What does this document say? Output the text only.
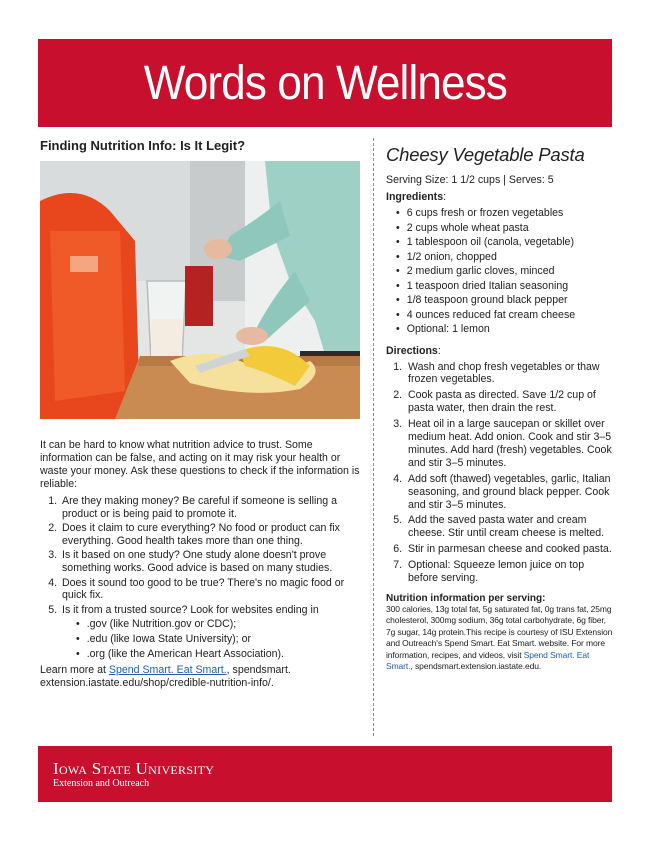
Words on Wellness
Finding Nutrition Info: Is It Legit?
It can be hard to know what nutrition advice to trust. Some information can be false, and acting on it may risk your health or waste your money. Ask these questions to check if the information is reliable:
1. Are they making money? Be careful if someone is selling a product or is being paid to promote it.
2. Does it claim to cure everything? No food or product can fix everything. Good health takes more than one thing.
3. Is it based on one study? One study alone doesn't prove something works. Good advice is based on many studies.
4. Does it sound too good to be true? There's no magic food or quick fix.
5. Is it from a trusted source? Look for websites ending in
• .gov (like Nutrition.gov or CDC);
• .edu (like Iowa State University); or
• .org (like the American Heart Association).
Learn more at Spend Smart. Eat Smart., spendsmart. extension.iastate.edu/shop/credible-nutrition-info/.
Cheesy Vegetable Pasta
Serving Size: 1 1/2 cups | Serves: 5
Ingredients:
• 6 cups fresh or frozen vegetables
• 2 cups whole wheat pasta
• 1 tablespoon oil (canola, vegetable)
• 1/2 onion, chopped
• 2 medium garlic cloves, minced
• 1 teaspoon dried Italian seasoning
• 1/8 teaspoon ground black pepper
• 4 ounces reduced fat cream cheese
• Optional: 1 lemon
Directions:
1. Wash and chop fresh vegetables or thaw frozen vegetables.
2. Cook pasta as directed. Save 1/2 cup of pasta water, then drain the rest.
3. Heat oil in a large saucepan or skillet over medium heat. Add onion. Cook and stir 3–5 minutes. Add hard (fresh) vegetables. Cook and stir 3–5 minutes.
4. Add soft (thawed) vegetables, garlic, Italian seasoning, and ground black pepper. Cook and stir 3–5 minutes.
5. Add the saved pasta water and cream cheese. Stir until cream cheese is melted.
6. Stir in parmesan cheese and cooked pasta.
7. Optional: Squeeze lemon juice on top before serving.
Nutrition information per serving:
300 calories, 13g total fat, 5g saturated fat, 0g trans fat, 25mg cholesterol, 300mg sodium, 36g total carbohydrate, 6g fiber, 7g sugar, 14g protein.This recipe is courtesy of ISU Extension and Outreach's Spend Smart. Eat Smart. website. For more information, recipes, and videos, visit Spend Smart. Eat Smart., spendsmart.extension.iastate.edu.
Iowa State University
Extension and Outreach
